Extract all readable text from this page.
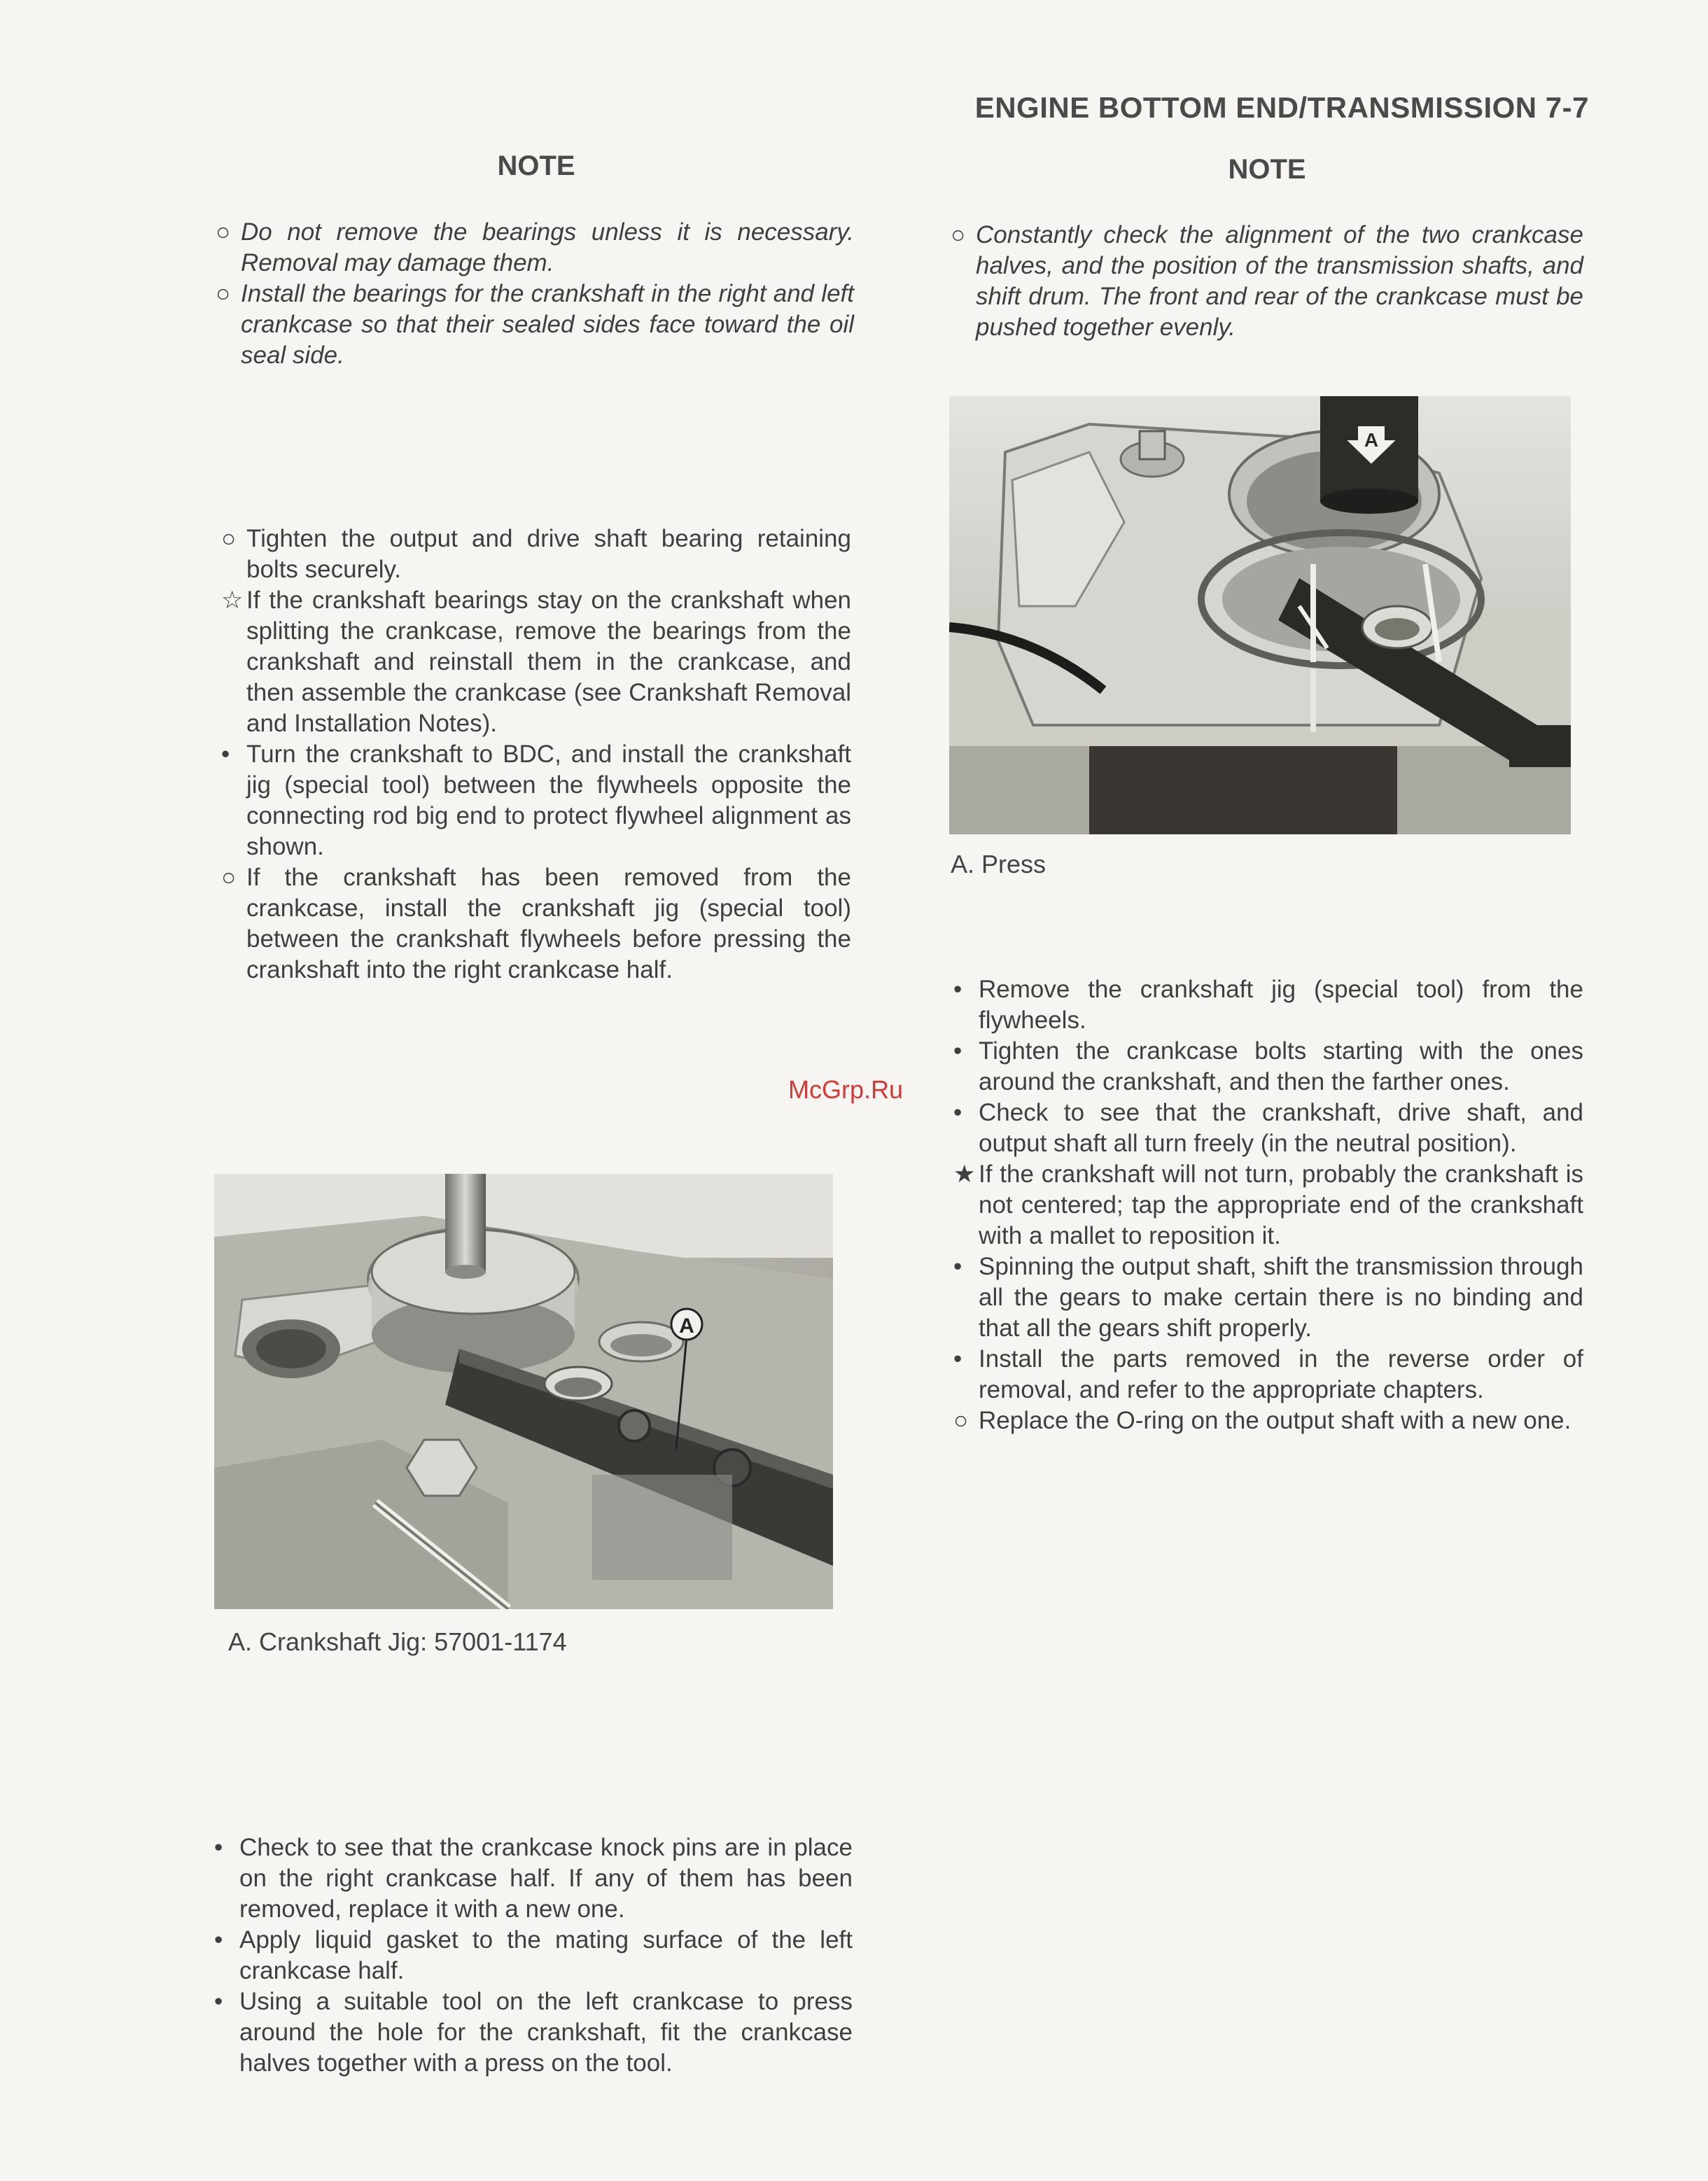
ENGINE BOTTOM END/TRANSMISSION 7-7
NOTE
○ Do not remove the bearings unless it is necessary. Removal may damage them.

○ Install the bearings for the crankshaft in the right and left crankcase so that their sealed sides face toward the oil seal side.

○ Tighten the output and drive shaft bearing retaining bolts securely.

☆ If the crankshaft bearings stay on the crankshaft when splitting the crankcase, remove the bearings from the crankshaft and reinstall them in the crankcase, and then assemble the crankcase (see Crankshaft Removal and Installation Notes).

• Turn the crankshaft to BDC, and install the crankshaft jig (special tool) between the flywheels opposite the connecting rod big end to protect flywheel alignment as shown.

○ If the crankshaft has been removed from the crankcase, install the crankshaft jig (special tool) between the crankshaft flywheels before pressing the crankshaft into the right crankcase half.

McGrp.Ru
A
A. Crankshaft Jig: 57001-1174
• Check to see that the crankcase knock pins are in place on the right crankcase half. If any of them has been removed, replace it with a new one.

• Apply liquid gasket to the mating surface of the left crankcase half.

• Using a suitable tool on the left crankcase to press around the hole for the crankshaft, fit the crankcase halves together with a press on the tool.

NOTE
○ Constantly check the alignment of the two crankcase halves, and the position of the transmission shafts, and shift drum. The front and rear of the crankcase must be pushed together evenly.

A
A. Press
• Remove the crankshaft jig (special tool) from the flywheels.

• Tighten the crankcase bolts starting with the ones around the crankshaft, and then the farther ones.

• Check to see that the crankshaft, drive shaft, and output shaft all turn freely (in the neutral position).

★ If the crankshaft will not turn, probably the crankshaft is not centered; tap the appropriate end of the crankshaft with a mallet to reposition it.

• Spinning the output shaft, shift the transmission through all the gears to make certain there is no binding and that all the gears shift properly.

• Install the parts removed in the reverse order of removal, and refer to the appropriate chapters.

○ Replace the O-ring on the output shaft with a new one.
